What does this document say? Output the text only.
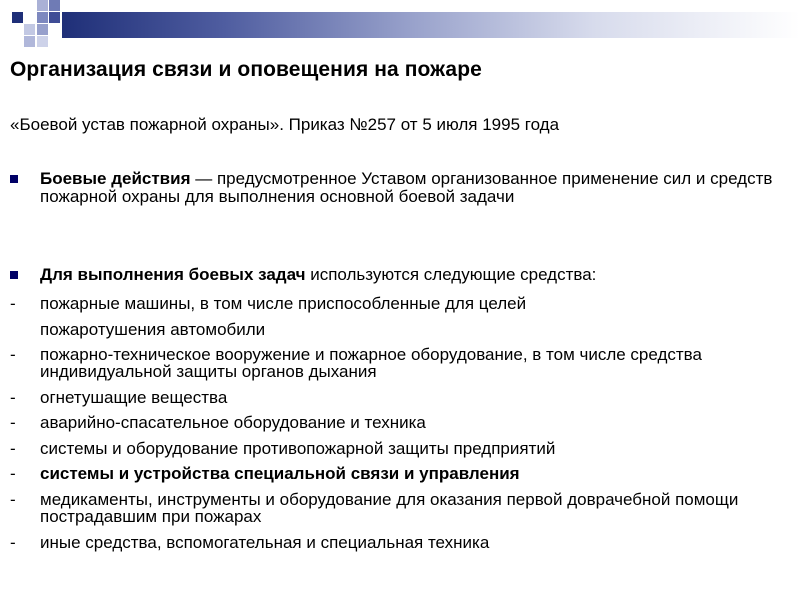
Организация связи и оповещения на пожаре
«Боевой устав пожарной охраны». Приказ №257 от 5 июля 1995 года
Боевые действия — предусмотренное Уставом организованное применение сил и средств пожарной охраны для выполнения основной боевой задачи
Для выполнения боевых задач используются следующие средства:
- пожарные машины, в том числе приспособленные для целей
пожаротушения автомобили
- пожарно-техническое вооружение и пожарное оборудование, в том числе средства индивидуальной защиты органов дыхания
- огнетушащие вещества
- аварийно-спасательное оборудование и техника
- системы и оборудование противопожарной защиты предприятий
- системы и устройства специальной связи и управления
- медикаменты, инструменты и оборудование для оказания первой доврачебной помощи пострадавшим при пожарах
- иные средства, вспомогательная и специальная техника
